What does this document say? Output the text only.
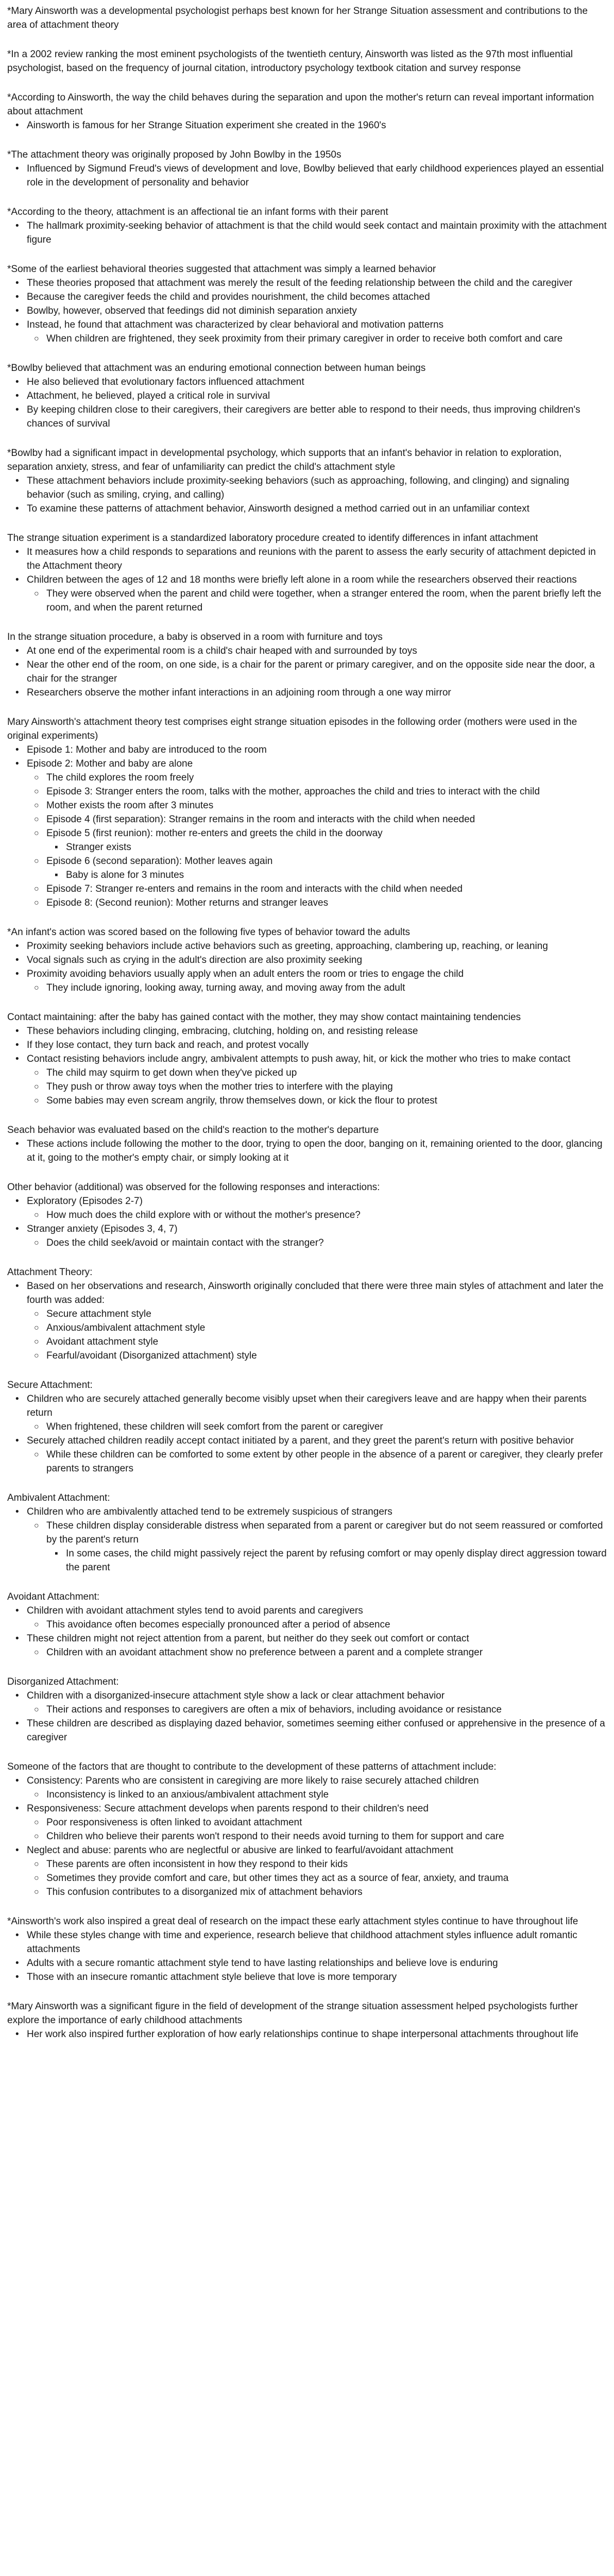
*Mary Ainsworth was a developmental psychologist perhaps best known for her Strange Situation assessment and contributions to the area of attachment theory

*In a 2002 review ranking the most eminent psychologists of the twentieth century, Ainsworth was listed as the 97th most influential psychologist, based on the frequency of journal citation, introductory psychology textbook citation and survey response

*According to Ainsworth, the way the child behaves during the separation and upon the mother's return can reveal important information about attachment

• Ainsworth is famous for her Strange Situation experiment she created in the 1960's

*The attachment theory was originally proposed by John Bowlby in the 1950s

• Influenced by Sigmund Freud's views of development and love, Bowlby believed that early childhood experiences played an essential role in the development of personality and behavior

*According to the theory, attachment is an affectional tie an infant forms with their parent

• The hallmark proximity-seeking behavior of attachment is that the child would seek contact and maintain proximity with the attachment figure

*Some of the earliest behavioral theories suggested that attachment was simply a learned behavior

• These theories proposed that attachment was merely the result of the feeding relationship between the child and the caregiver
• Because the caregiver feeds the child and provides nourishment, the child becomes attached
• Bowlby, however, observed that feedings did not diminish separation anxiety
• Instead, he found that attachment was characterized by clear behavioral and motivation patterns
○ When children are frightened, they seek proximity from their primary caregiver in order to receive both comfort and care

*Bowlby believed that attachment was an enduring emotional connection between human beings

• He also believed that evolutionary factors influenced attachment
• Attachment, he believed, played a critical role in survival
• By keeping children close to their caregivers, their caregivers are better able to respond to their needs, thus improving children's chances of survival

*Bowlby had a significant impact in developmental psychology, which supports that an infant's behavior in relation to exploration, separation anxiety, stress, and fear of unfamiliarity can predict the child's attachment style

• These attachment behaviors include proximity-seeking behaviors (such as approaching, following, and clinging) and signaling behavior (such as smiling, crying, and calling)
• To examine these patterns of attachment behavior, Ainsworth designed a method carried out in an unfamiliar context

The strange situation experiment is a standardized laboratory procedure created to identify differences in infant attachment

• It measures how a child responds to separations and reunions with the parent to assess the early security of attachment depicted in the Attachment theory
• Children between the ages of 12 and 18 months were briefly left alone in a room while the researchers observed their reactions
○ They were observed when the parent and child were together, when a stranger entered the room, when the parent briefly left the room, and when the parent returned

In the strange situation procedure, a baby is observed in a room with furniture and toys

• At one end of the experimental room is a child's chair heaped with and surrounded by toys
• Near the other end of the room, on one side, is a chair for the parent or primary caregiver, and on the opposite side near the door, a chair for the stranger
• Researchers observe the mother infant interactions in an adjoining room through a one way mirror

Mary Ainsworth's attachment theory test comprises eight strange situation episodes in the following order (mothers were used in the original experiments)

• Episode 1: Mother and baby are introduced to the room
• Episode 2: Mother and baby are alone
○ The child explores the room freely
○ Episode 3: Stranger enters the room, talks with the mother, approaches the child and tries to interact with the child
○ Mother exists the room after 3 minutes
○ Episode 4 (first separation): Stranger remains in the room and interacts with the child when needed
○ Episode 5 (first reunion): mother re-enters and greets the child in the doorway
▪ Stranger exists
○ Episode 6 (second separation): Mother leaves again
▪ Baby is alone for 3 minutes
○ Episode 7: Stranger re-enters and remains in the room and interacts with the child when needed
○ Episode 8: (Second reunion): Mother returns and stranger leaves

*An infant's action was scored based on the following five types of behavior toward the adults

• Proximity seeking behaviors include active behaviors such as greeting, approaching, clambering up, reaching, or leaning
• Vocal signals such as crying in the adult's direction are also proximity seeking
• Proximity avoiding behaviors usually apply when an adult enters the room or tries to engage the child
○ They include ignoring, looking away, turning away, and moving away from the adult

Contact maintaining: after the baby has gained contact with the mother, they may show contact maintaining tendencies

• These behaviors including clinging, embracing, clutching, holding on, and resisting release
• If they lose contact, they turn back and reach, and protest vocally
• Contact resisting behaviors include angry, ambivalent attempts to push away, hit, or kick the mother who tries to make contact
○ The child may squirm to get down when they've picked up
○ They push or throw away toys when the mother tries to interfere with the playing
○ Some babies may even scream angrily, throw themselves down, or kick the flour to protest

Seach behavior was evaluated based on the child's reaction to the mother's departure

• These actions include following the mother to the door, trying to open the door, banging on it, remaining oriented to the door, glancing at it, going to the mother's empty chair, or simply looking at it

Other behavior (additional) was observed for the following responses and interactions:

• Exploratory (Episodes 2-7)
○ How much does the child explore with or without the mother's presence?
• Stranger anxiety (Episodes 3, 4, 7)
○ Does the child seek/avoid or maintain contact with the stranger?

Attachment Theory:

• Based on her observations and research, Ainsworth originally concluded that there were three main styles of attachment and later the fourth was added:
○ Secure attachment style
○ Anxious/ambivalent attachment style
○ Avoidant attachment style
○ Fearful/avoidant (Disorganized attachment) style

Secure Attachment:

• Children who are securely attached generally become visibly upset when their caregivers leave and are happy when their parents return
○ When frightened, these children will seek comfort from the parent or caregiver
• Securely attached children readily accept contact initiated by a parent, and they greet the parent's return with positive behavior
○ While these children can be comforted to some extent by other people in the absence of a parent or caregiver, they clearly prefer parents to strangers

Ambivalent Attachment:

• Children who are ambivalently attached tend to be extremely suspicious of strangers
○ These children display considerable distress when separated from a parent or caregiver but do not seem reassured or comforted by the parent's return
▪ In some cases, the child might passively reject the parent by refusing comfort or may openly display direct aggression toward the parent

Avoidant Attachment:

• Children with avoidant attachment styles tend to avoid parents and caregivers
○ This avoidance often becomes especially pronounced after a period of absence
• These children might not reject attention from a parent, but neither do they seek out comfort or contact
○ Children with an avoidant attachment show no preference between a parent and a complete stranger

Disorganized Attachment:

• Children with a disorganized-insecure attachment style show a lack or clear attachment behavior
○ Their actions and responses to caregivers are often a mix of behaviors, including avoidance or resistance
• These children are described as displaying dazed behavior, sometimes seeming either confused or apprehensive in the presence of a caregiver

Someone of the factors that are thought to contribute to the development of these patterns of attachment include:

• Consistency: Parents who are consistent in caregiving are more likely to raise securely attached children
○ Inconsistency is linked to an anxious/ambivalent attachment style
• Responsiveness: Secure attachment develops when parents respond to their children's need
○ Poor responsiveness is often linked to avoidant attachment
○ Children who believe their parents won't respond to their needs avoid turning to them for support and care
• Neglect and abuse: parents who are neglectful or abusive are linked to fearful/avoidant attachment
○ These parents are often inconsistent in how they respond to their kids
○ Sometimes they provide comfort and care, but other times they act as a source of fear, anxiety, and trauma
○ This confusion contributes to a disorganized mix of attachment behaviors

*Ainsworth's work also inspired a great deal of research on the impact these early attachment styles continue to have throughout life

• While these styles change with time and experience, research believe that childhood attachment styles influence adult romantic attachments
• Adults with a secure romantic attachment style tend to have lasting relationships and believe love is enduring
• Those with an insecure romantic attachment style believe that love is more temporary

*Mary Ainsworth was a significant figure in the field of development of the strange situation assessment helped psychologists further explore the importance of early childhood attachments

• Her work also inspired further exploration of how early relationships continue to shape interpersonal attachments throughout life
